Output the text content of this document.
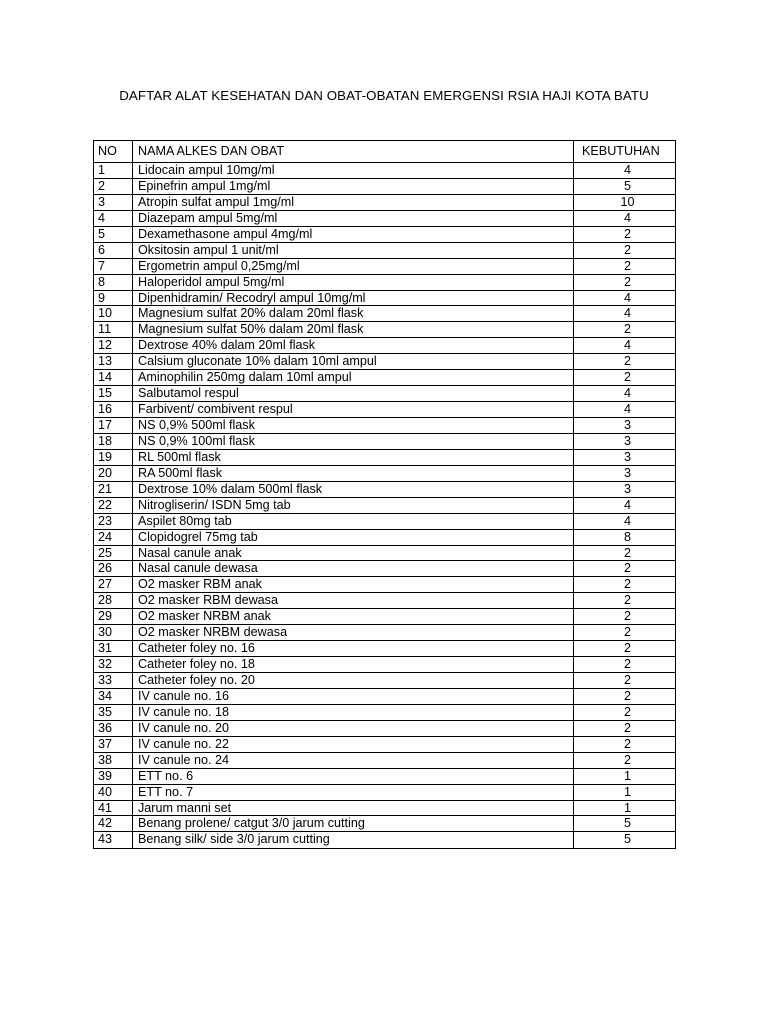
DAFTAR ALAT KESEHATAN DAN OBAT-OBATAN EMERGENSI RSIA HAJI KOTA BATU
NO	NAMA ALKES DAN OBAT	KEBUTUHAN
1	Lidocain ampul 10mg/ml	4
2	Epinefrin ampul 1mg/ml	5
3	Atropin sulfat ampul 1mg/ml	10
4	Diazepam ampul 5mg/ml	4
5	Dexamethasone ampul 4mg/ml	2
6	Oksitosin ampul 1 unit/ml	2
7	Ergometrin ampul 0,25mg/ml	2
8	Haloperidol ampul 5mg/ml	2
9	Dipenhidramin/ Recodryl ampul 10mg/ml	4
10	Magnesium sulfat 20% dalam 20ml flask	4
11	Magnesium sulfat 50% dalam 20ml flask	2
12	Dextrose 40% dalam 20ml flask	4
13	Calsium gluconate 10% dalam 10ml ampul	2
14	Aminophilin 250mg dalam 10ml ampul	2
15	Salbutamol respul	4
16	Farbivent/ combivent respul	4
17	NS 0,9% 500ml flask	3
18	NS 0,9% 100ml flask	3
19	RL 500ml flask	3
20	RA 500ml flask	3
21	Dextrose 10% dalam 500ml flask	3
22	Nitrogliserin/ ISDN 5mg tab	4
23	Aspilet 80mg tab	4
24	Clopidogrel 75mg tab	8
25	Nasal canule anak	2
26	Nasal canule dewasa	2
27	O2 masker RBM anak	2
28	O2 masker RBM dewasa	2
29	O2 masker NRBM anak	2
30	O2 masker NRBM dewasa	2
31	Catheter foley no. 16	2
32	Catheter foley no. 18	2
33	Catheter foley no. 20	2
34	IV canule no. 16	2
35	IV canule no. 18	2
36	IV canule no. 20	2
37	IV canule no. 22	2
38	IV canule no. 24	2
39	ETT no. 6	1
40	ETT no. 7	1
41	Jarum manni set	1
42	Benang prolene/ catgut 3/0 jarum cutting	5
43	Benang silk/ side 3/0 jarum cutting	5
